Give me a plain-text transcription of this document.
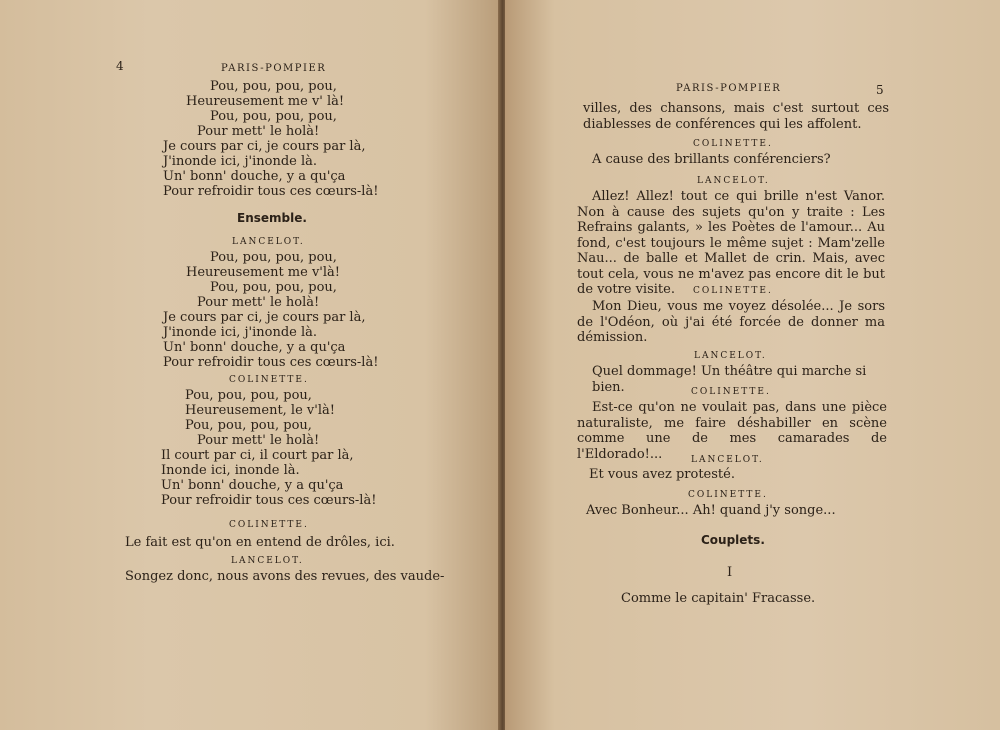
4	PARIS-POMPIER
Pou, pou, pou, pou,
Heureusement me v' là!
Pou, pou, pou, pou,
Pour mett' le holà!
Je cours par ci, je cours par là,
J'inonde ici, j'inonde là.
Un' bonn' douche, y a qu'ça
Pour refroidir tous ces cœurs-là!
Ensemble.
LANCELOT.
Pou, pou, pou, pou,
Heureusement me v'là!
Pou, pou, pou, pou,
Pour mett' le holà!
Je cours par ci, je cours par là,
J'inonde ici, j'inonde là.
Un' bonn' douche, y a qu'ça
Pour refroidir tous ces cœurs-là!
COLINETTE.
Pou, pou, pou, pou,
Heureusement, le v'là!
Pou, pou, pou, pou,
Pour mett' le holà!
Il court par ci, il court par là,
Inonde ici, inonde là.
Un' bonn' douche, y a qu'ça
Pour refroidir tous ces cœurs-là!
COLINETTE.
Le fait est qu'on en entend de drôles, ici.
LANCELOT.
Songez donc, nous avons des revues, des vaude-
PARIS-POMPIER	5

villes, des chansons, mais c'est surtout ces diablesses de conférences qui les affolent.

COLINETTE.

A cause des brillants conférenciers?

LANCELOT.

Allez! Allez! tout ce qui brille n'est Vanor. Non à cause des sujets qu'on y traite : Les Refrains galants, » les Poètes de l'amour... Au fond, c'est toujours le même sujet : Mam'zelle Nau... de balle et Mallet de crin. Mais, avec tout cela, vous ne m'avez pas encore dit le but de votre visite.	COLINETTE.

Mon Dieu, vous me voyez désolée... Je sors de l'Odéon, où j'ai été forcée de donner ma démission.

LANCELOT.

Quel dommage! Un théâtre qui marche si bien.	COLINETTE.

Est-ce qu'on ne voulait pas, dans une pièce naturaliste, me faire déshabiller en scène comme une de mes camarades de l'Eldorado!...	LANCELOT.

Et vous avez protesté.

COLINETTE.

Avec Bonheur... Ah! quand j'y songe...

Couplets.
I
Comme le capitain' Fracasse.
